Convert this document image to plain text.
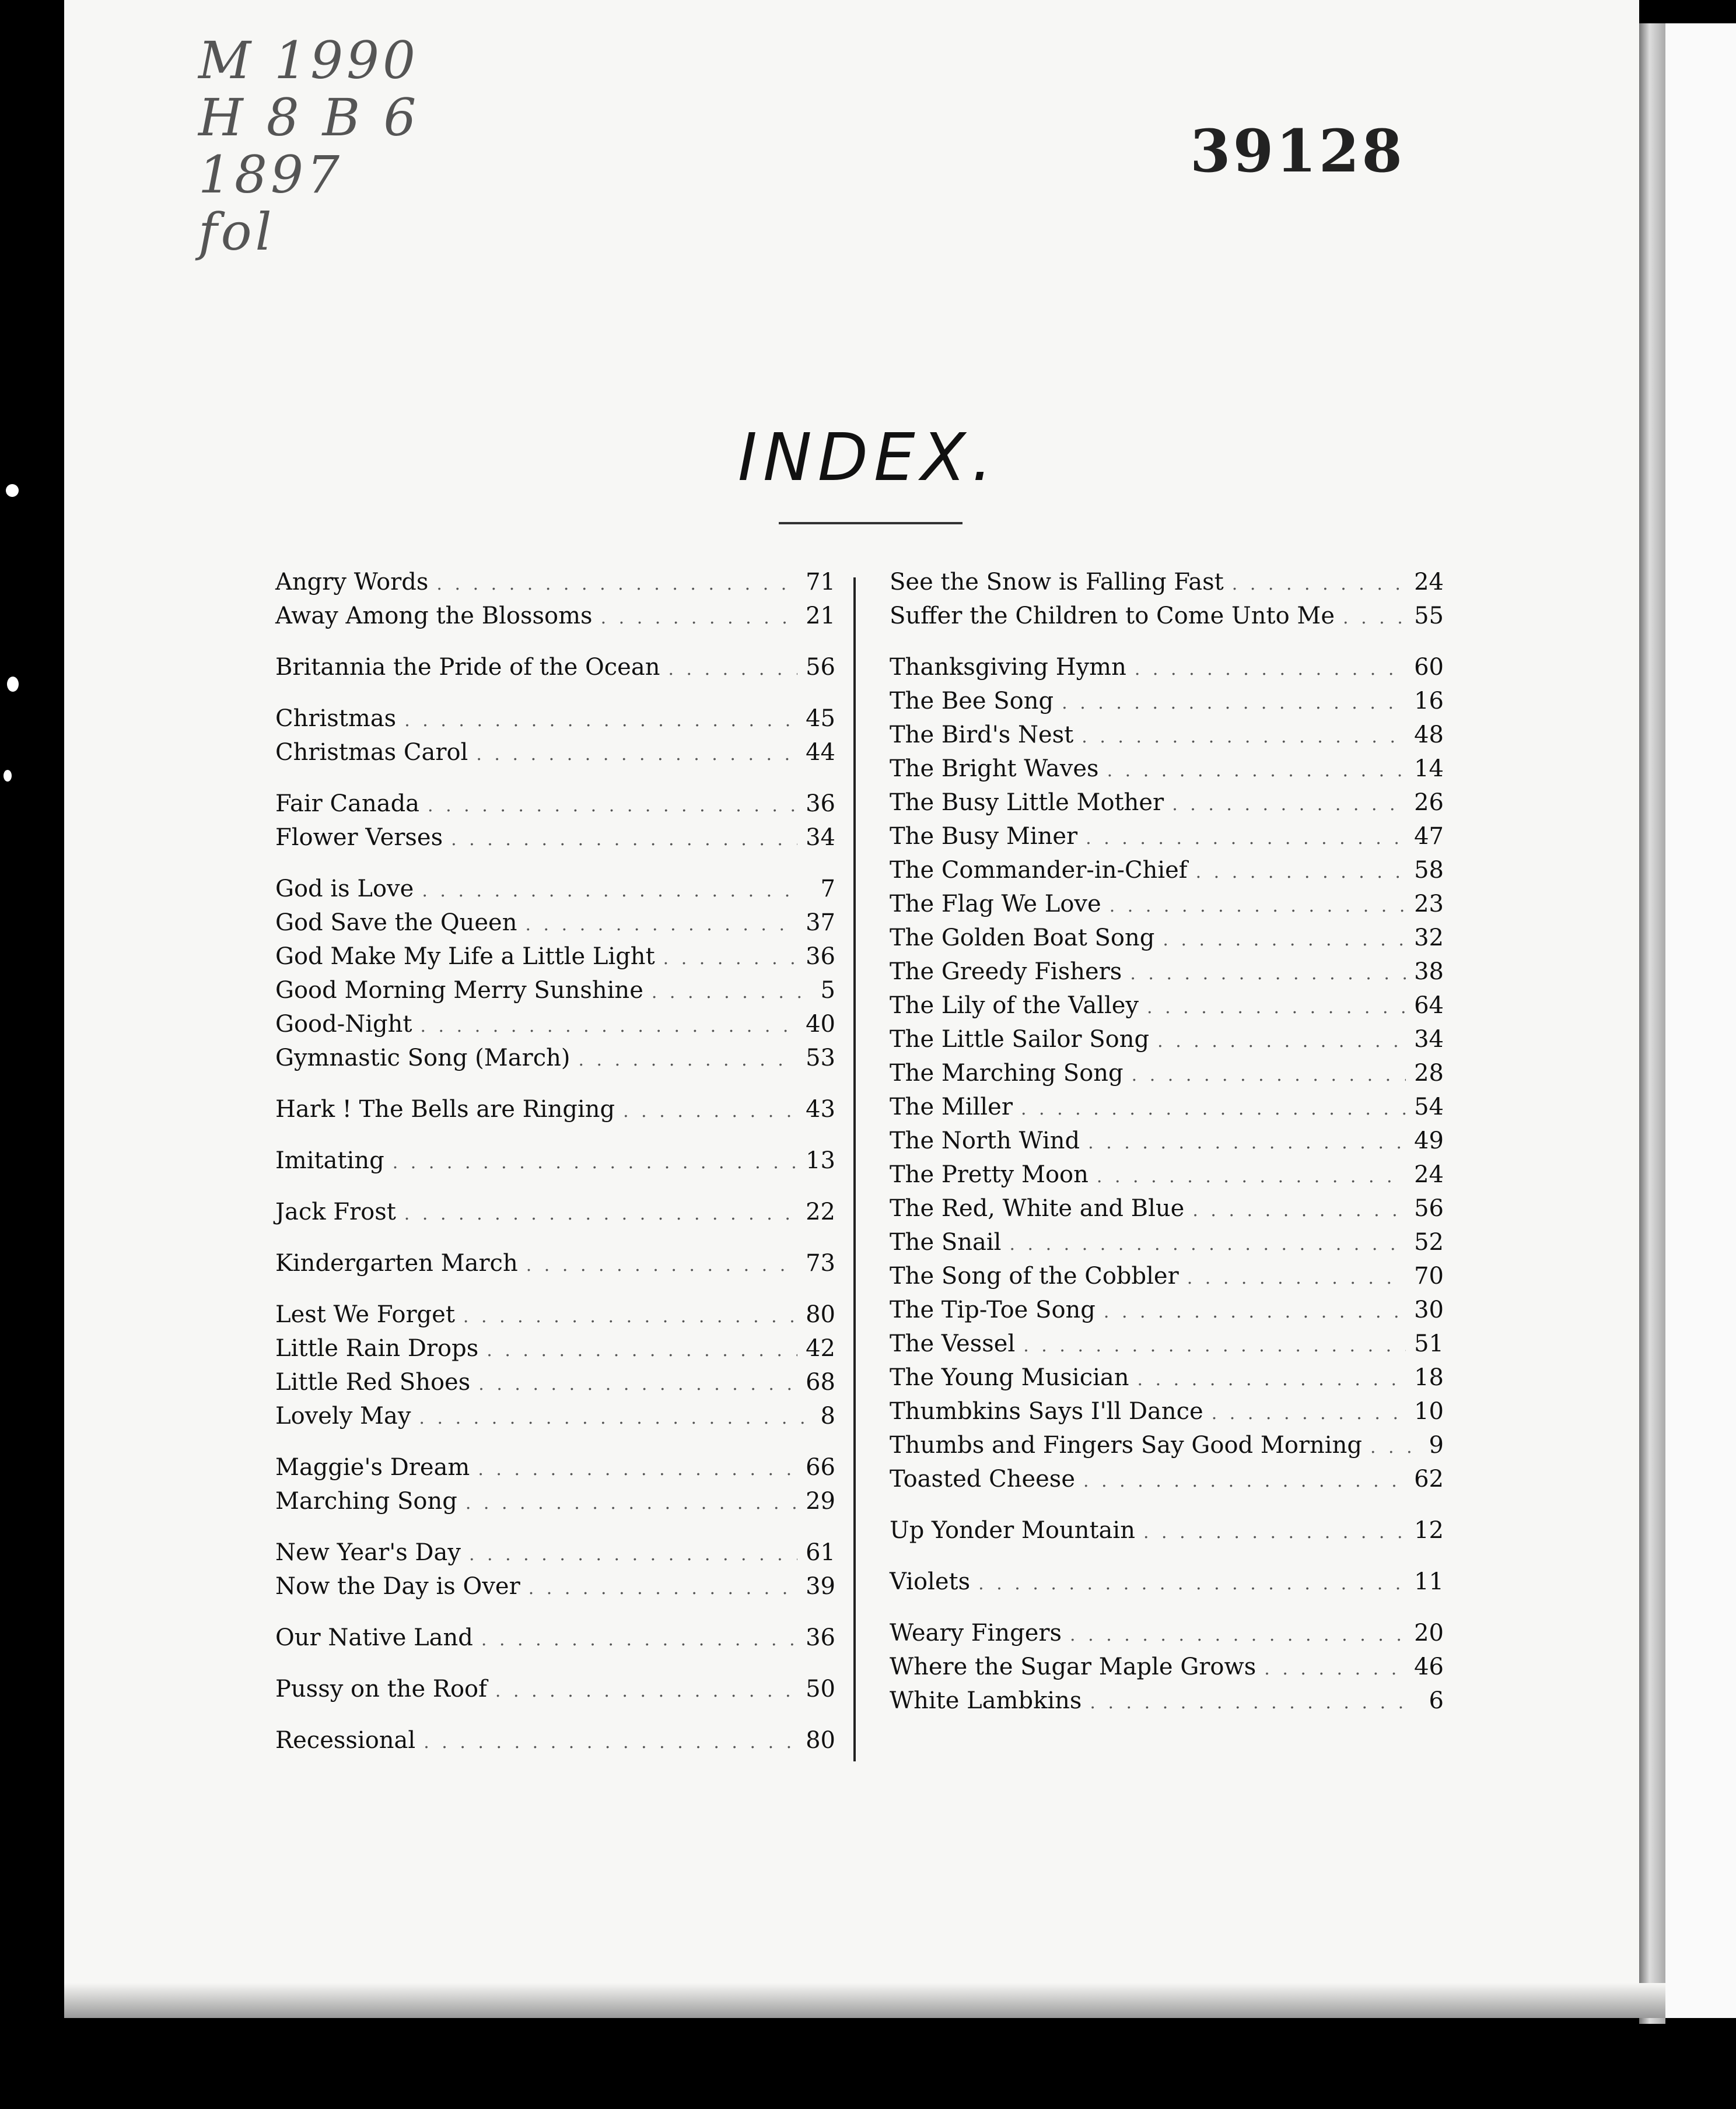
M 1990
H 8 B 6
1897
fol
39128
INDEX.
Angry Words . . .	71
Away Among the Blossoms . . .	21
Britannia the Pride of the Ocean . . .	56
Christmas . . .	45
Christmas Carol . . .	44
Fair Canada . . .	36
Flower Verses . . .	34
God is Love . . .	7
God Save the Queen . . .	37
God Make My Life a Little Light . . .	36
Good Morning Merry Sunshine . . .	5
Good-Night . . .	40
Gymnastic Song (March) . . .	53
Hark ! The Bells are Ringing . . .	43
Imitating . . .	13
Jack Frost . . .	22
Kindergarten March . . .	73
Lest We Forget . . .	80
Little Rain Drops . . .	42
Little Red Shoes . . .	68
Lovely May . . .	8
Maggie's Dream . . .	66
Marching Song . . .	29
New Year's Day . . .	61
Now the Day is Over . . .	39
Our Native Land . . .	36
Pussy on the Roof . . .	50
Recessional . . .	80
See the Snow is Falling Fast . . .	24
Suffer the Children to Come Unto Me . . .	55
Thanksgiving Hymn . . .	60
The Bee Song . . .	16
The Bird's Nest . . .	48
The Bright Waves . . .	14
The Busy Little Mother . . .	26
The Busy Miner . . .	47
The Commander-in-Chief . . .	58
The Flag We Love . . .	23
The Golden Boat Song . . .	32
The Greedy Fishers . . .	38
The Lily of the Valley . . .	64
The Little Sailor Song . . .	34
The Marching Song . . .	28
The Miller . . .	54
The North Wind . . .	49
The Pretty Moon . . .	24
The Red, White and Blue . . .	56
The Snail . . .	52
The Song of the Cobbler . . .	70
The Tip-Toe Song . . .	30
The Vessel . . .	51
The Young Musician . . .	18
Thumbkins Says I'll Dance . . .	10
Thumbs and Fingers Say Good Morning . . .	9
Toasted Cheese . . .	62
Up Yonder Mountain . . .	12
Violets . . .	11
Weary Fingers . . .	20
Where the Sugar Maple Grows . . .	46
White Lambkins . . .	6
